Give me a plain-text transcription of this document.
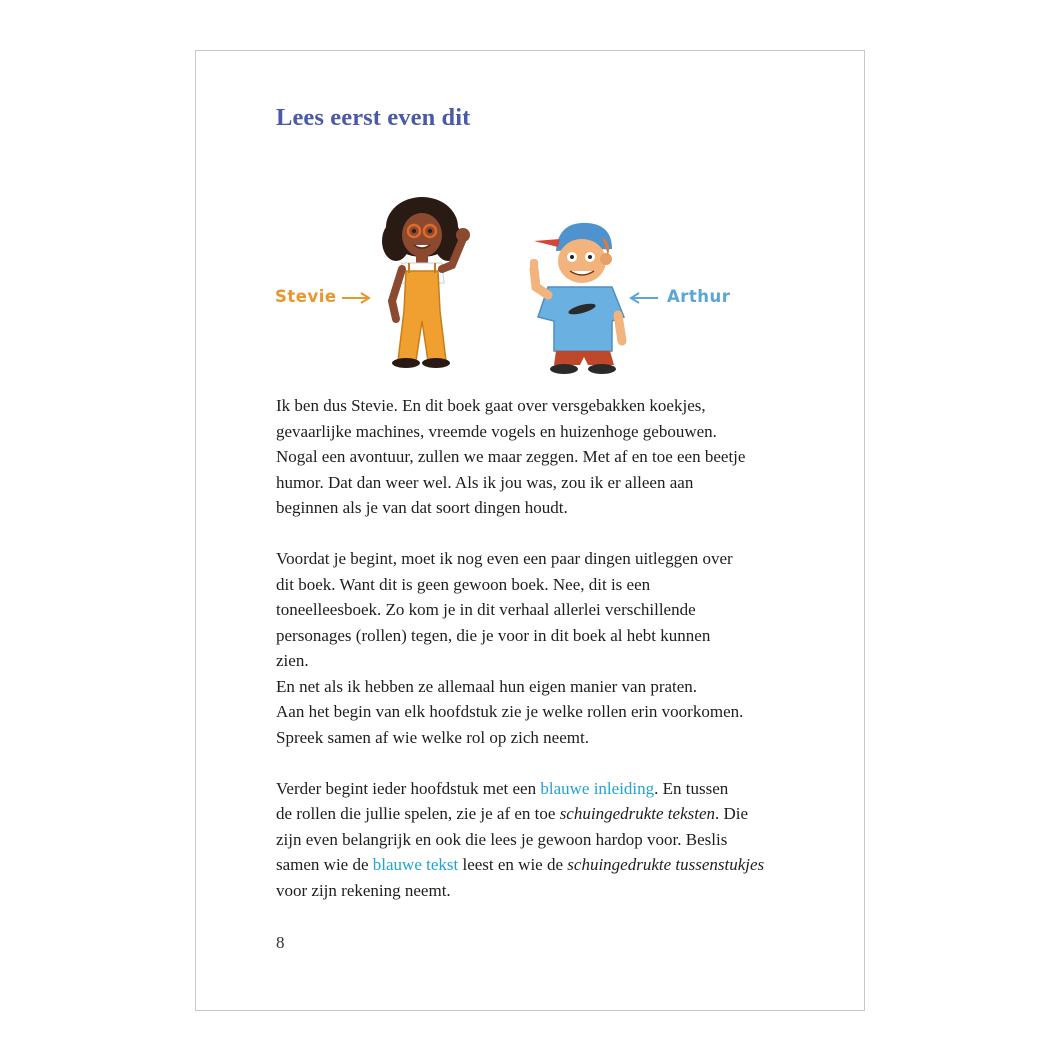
Lees eerst even dit
Stevie	Arthur

Ik ben dus Stevie. En dit boek gaat over versgebakken koekjes,
gevaarlijke machines, vreemde vogels en huizenhoge gebouwen.
Nogal een avontuur, zullen we maar zeggen. Met af en toe een beetje
humor. Dat dan weer wel. Als ik jou was, zou ik er alleen aan
beginnen als je van dat soort dingen houdt.

Voordat je begint, moet ik nog even een paar dingen uitleggen over
dit boek. Want dit is geen gewoon boek. Nee, dit is een
toneelleesboek. Zo kom je in dit verhaal allerlei verschillende
personages (rollen) tegen, die je voor in dit boek al hebt kunnen
zien.
En net als ik hebben ze allemaal hun eigen manier van praten.
Aan het begin van elk hoofdstuk zie je welke rollen erin voorkomen.
Spreek samen af wie welke rol op zich neemt.

Verder begint ieder hoofdstuk met een blauwe inleiding. En tussen
de rollen die jullie spelen, zie je af en toe schuingedrukte teksten. Die
zijn even belangrijk en ook die lees je gewoon hardop voor. Beslis
samen wie de blauwe tekst leest en wie de schuingedrukte tussenstukjes
voor zijn rekening neemt.

8
